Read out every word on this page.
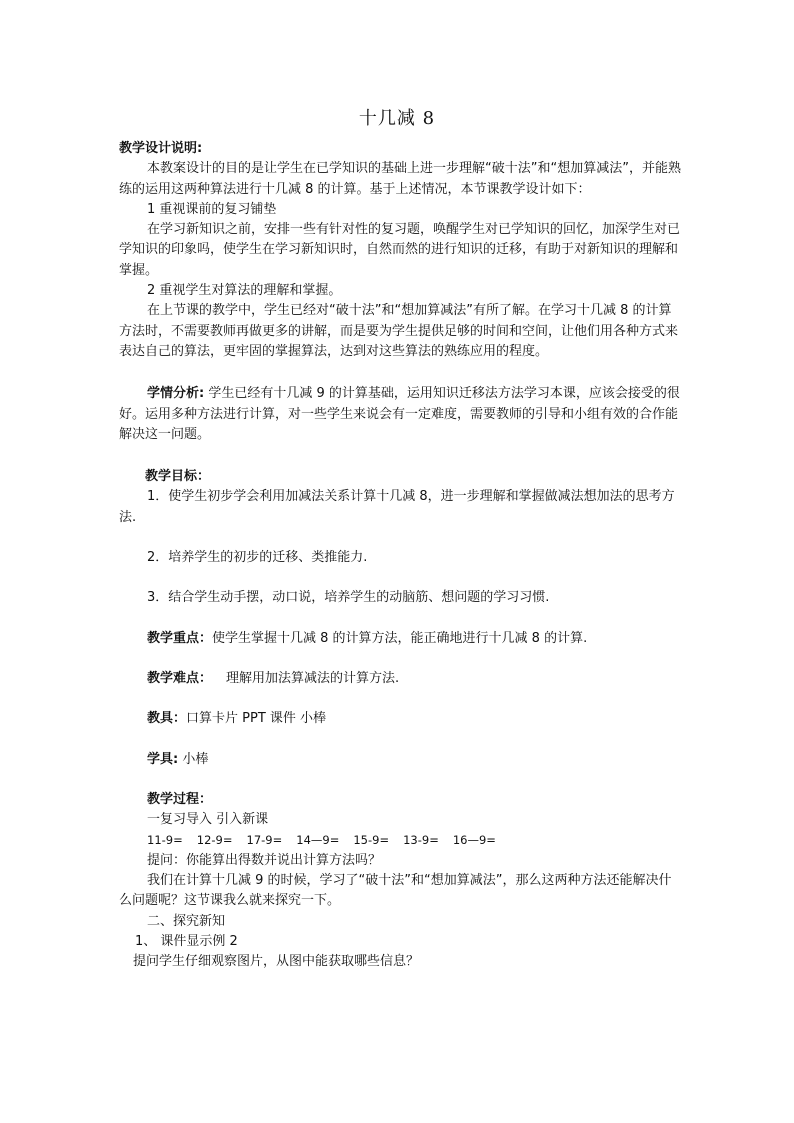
十几减 8

教学设计说明:

本教案设计的目的是让学生在已学知识的基础上进一步理解“破十法”和“想加算减法”，并能熟练的运用这两种算法进行十几减 8 的计算。基于上述情况，本节课教学设计如下：

1 重视课前的复习铺垫

在学习新知识之前，安排一些有针对性的复习题，唤醒学生对已学知识的回忆，加深学生对已学知识的印象吗，使学生在学习新知识时，自然而然的进行知识的迁移，有助于对新知识的理解和掌握。

2 重视学生对算法的理解和掌握。

在上节课的教学中，学生已经对“破十法”和“想加算减法”有所了解。在学习十几减 8 的计算方法时，不需要教师再做更多的讲解，而是要为学生提供足够的时间和空间，让他们用各种方式来表达自己的算法，更牢固的掌握算法，达到对这些算法的熟练应用的程度。

学情分析: 学生已经有十几减 9 的计算基础，运用知识迁移法方法学习本课，应该会接受的很好。运用多种方法进行计算，对一些学生来说会有一定难度，需要教师的引导和小组有效的合作能解决这一问题。

教学目标：

1．使学生初步学会利用加减法关系计算十几减 8，进一步理解和掌握做减法想加法的思考方法.

2．培养学生的初步的迁移、类推能力.

3．结合学生动手摆，动口说，培养学生的动脑筋、想问题的学习习惯.

教学重点：使学生掌握十几减 8 的计算方法，能正确地进行十几减 8 的计算.

教学难点： 理解用加法算减法的计算方法.

教具：口算卡片 PPT 课件 小棒

学具: 小棒

教学过程：

一复习导入 引入新课

11-9= 12-9= 17-9= 14—9= 15-9= 13-9= 16—9=

提问：你能算出得数并说出计算方法吗？

我们在计算十几减 9 的时候，学习了“破十法”和“想加算减法”，那么这两种方法还能解决什么问题呢？这节课我么就来探究一下。

二、探究新知

1、 课件显示例 2

提问学生仔细观察图片，从图中能获取哪些信息？
